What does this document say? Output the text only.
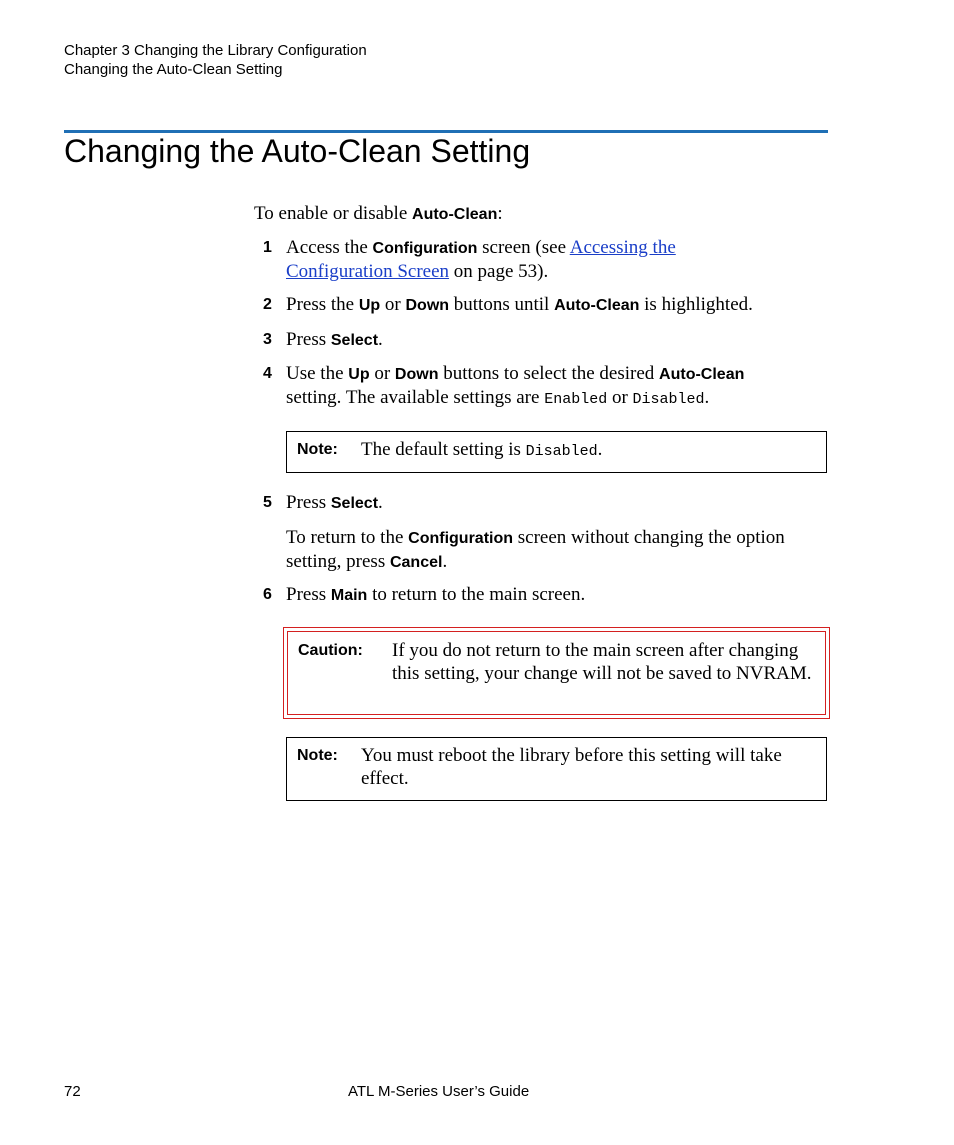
Chapter 3 Changing the Library Configuration
Changing the Auto-Clean Setting
Changing the Auto-Clean Setting
To enable or disable Auto-Clean:
1 Access the Configuration screen (see Accessing the
Configuration Screen on page 53).
2 Press the Up or Down buttons until Auto-Clean is highlighted.
3 Press Select.
4 Use the Up or Down buttons to select the desired Auto-Clean
setting. The available settings are Enabled or Disabled.
Note: The default setting is Disabled.
5 Press Select.
To return to the Configuration screen without changing the option setting, press Cancel.
6 Press Main to return to the main screen.
Caution: If you do not return to the main screen after changing this setting, your change will not be saved to NVRAM.
Note: You must reboot the library before this setting will take effect.
72	ATL M-Series User’s Guide
